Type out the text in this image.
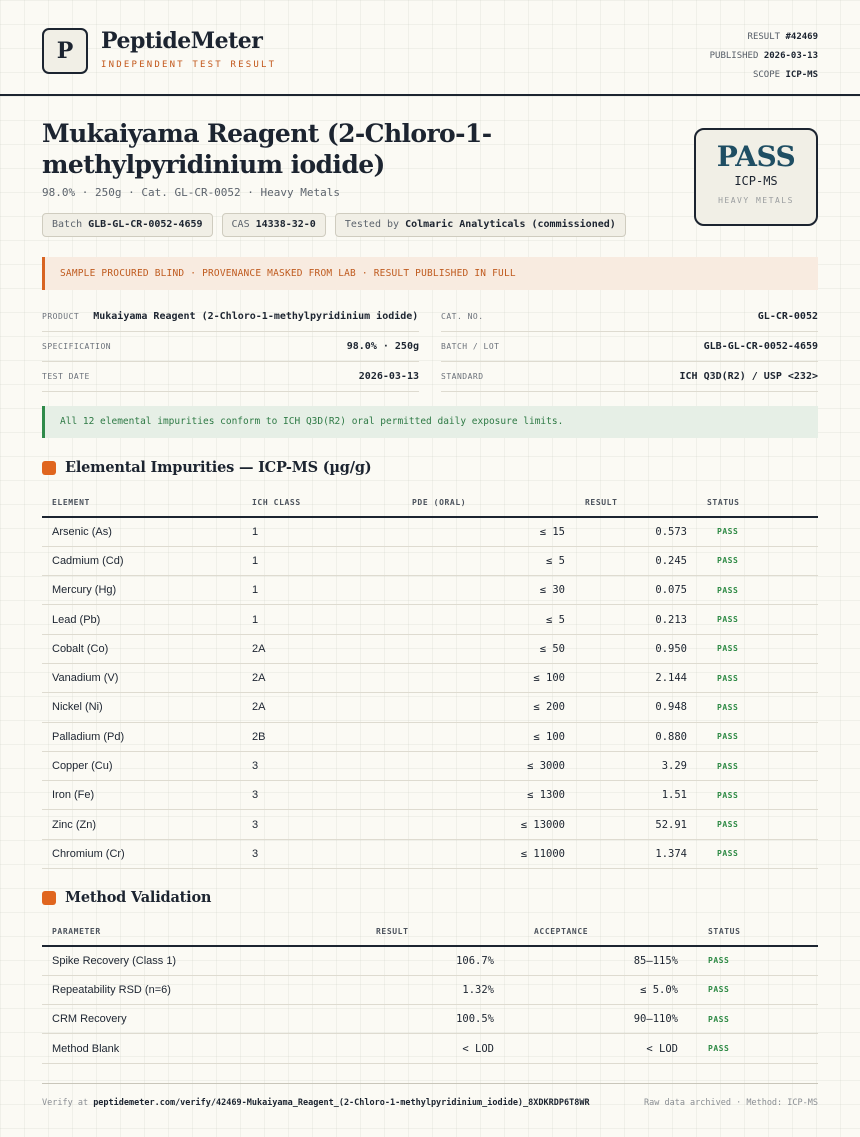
P PeptideMeter
INDEPENDENT TEST RESULT
RESULT #42469
PUBLISHED 2026-03-13
SCOPE ICP-MS
Mukaiyama Reagent (2-Chloro-1-methylpyridinium iodide)
98.0% · 250g · Cat. GL-CR-0052 · Heavy Metals
Batch GLB-GL-CR-0052-4659	CAS 14338-32-0	Tested by Colmaric Analyticals (commissioned)
PASS
ICP-MS
HEAVY METALS
SAMPLE PROCURED BLIND · PROVENANCE MASKED FROM LAB · RESULT PUBLISHED IN FULL
PRODUCT Mukaiyama Reagent (2-Chloro-1-methylpyridinium iodide)
SPECIFICATION	98.0% · 250g
TEST DATE	2026-03-13
CAT. NO.	GL-CR-0052
BATCH / LOT	GLB-GL-CR-0052-4659
STANDARD	ICH Q3D(R2) / USP <232>
All 12 elemental impurities conform to ICH Q3D(R2) oral permitted daily exposure limits.
Elemental Impurities — ICP-MS (µg/g)
ELEMENT	ICH CLASS	PDE (ORAL)	RESULT	STATUS
Arsenic (As)	1	≤ 15	0.573	PASS
Cadmium (Cd)	1	≤ 5	0.245	PASS
Mercury (Hg)	1	≤ 30	0.075	PASS
Lead (Pb)	1	≤ 5	0.213	PASS
Cobalt (Co)	2A	≤ 50	0.950	PASS
Vanadium (V)	2A	≤ 100	2.144	PASS
Nickel (Ni)	2A	≤ 200	0.948	PASS
Palladium (Pd)	2B	≤ 100	0.880	PASS
Copper (Cu)	3	≤ 3000	3.29	PASS
Iron (Fe)	3	≤ 1300	1.51	PASS
Zinc (Zn)	3	≤ 13000	52.91	PASS
Chromium (Cr)	3	≤ 11000	1.374	PASS
Method Validation
PARAMETER	RESULT	ACCEPTANCE	STATUS
Spike Recovery (Class 1)	106.7%	85–115%	PASS
Repeatability RSD (n=6)	1.32%	≤ 5.0%	PASS
CRM Recovery	100.5%	90–110%	PASS
Method Blank	< LOD	< LOD	PASS
Verify at peptidemeter.com/verify/42469-Mukaiyama_Reagent_(2-Chloro-1-methylpyridinium_iodide)_8XDKRDP6T8WR	Raw data archived · Method: ICP-MS
